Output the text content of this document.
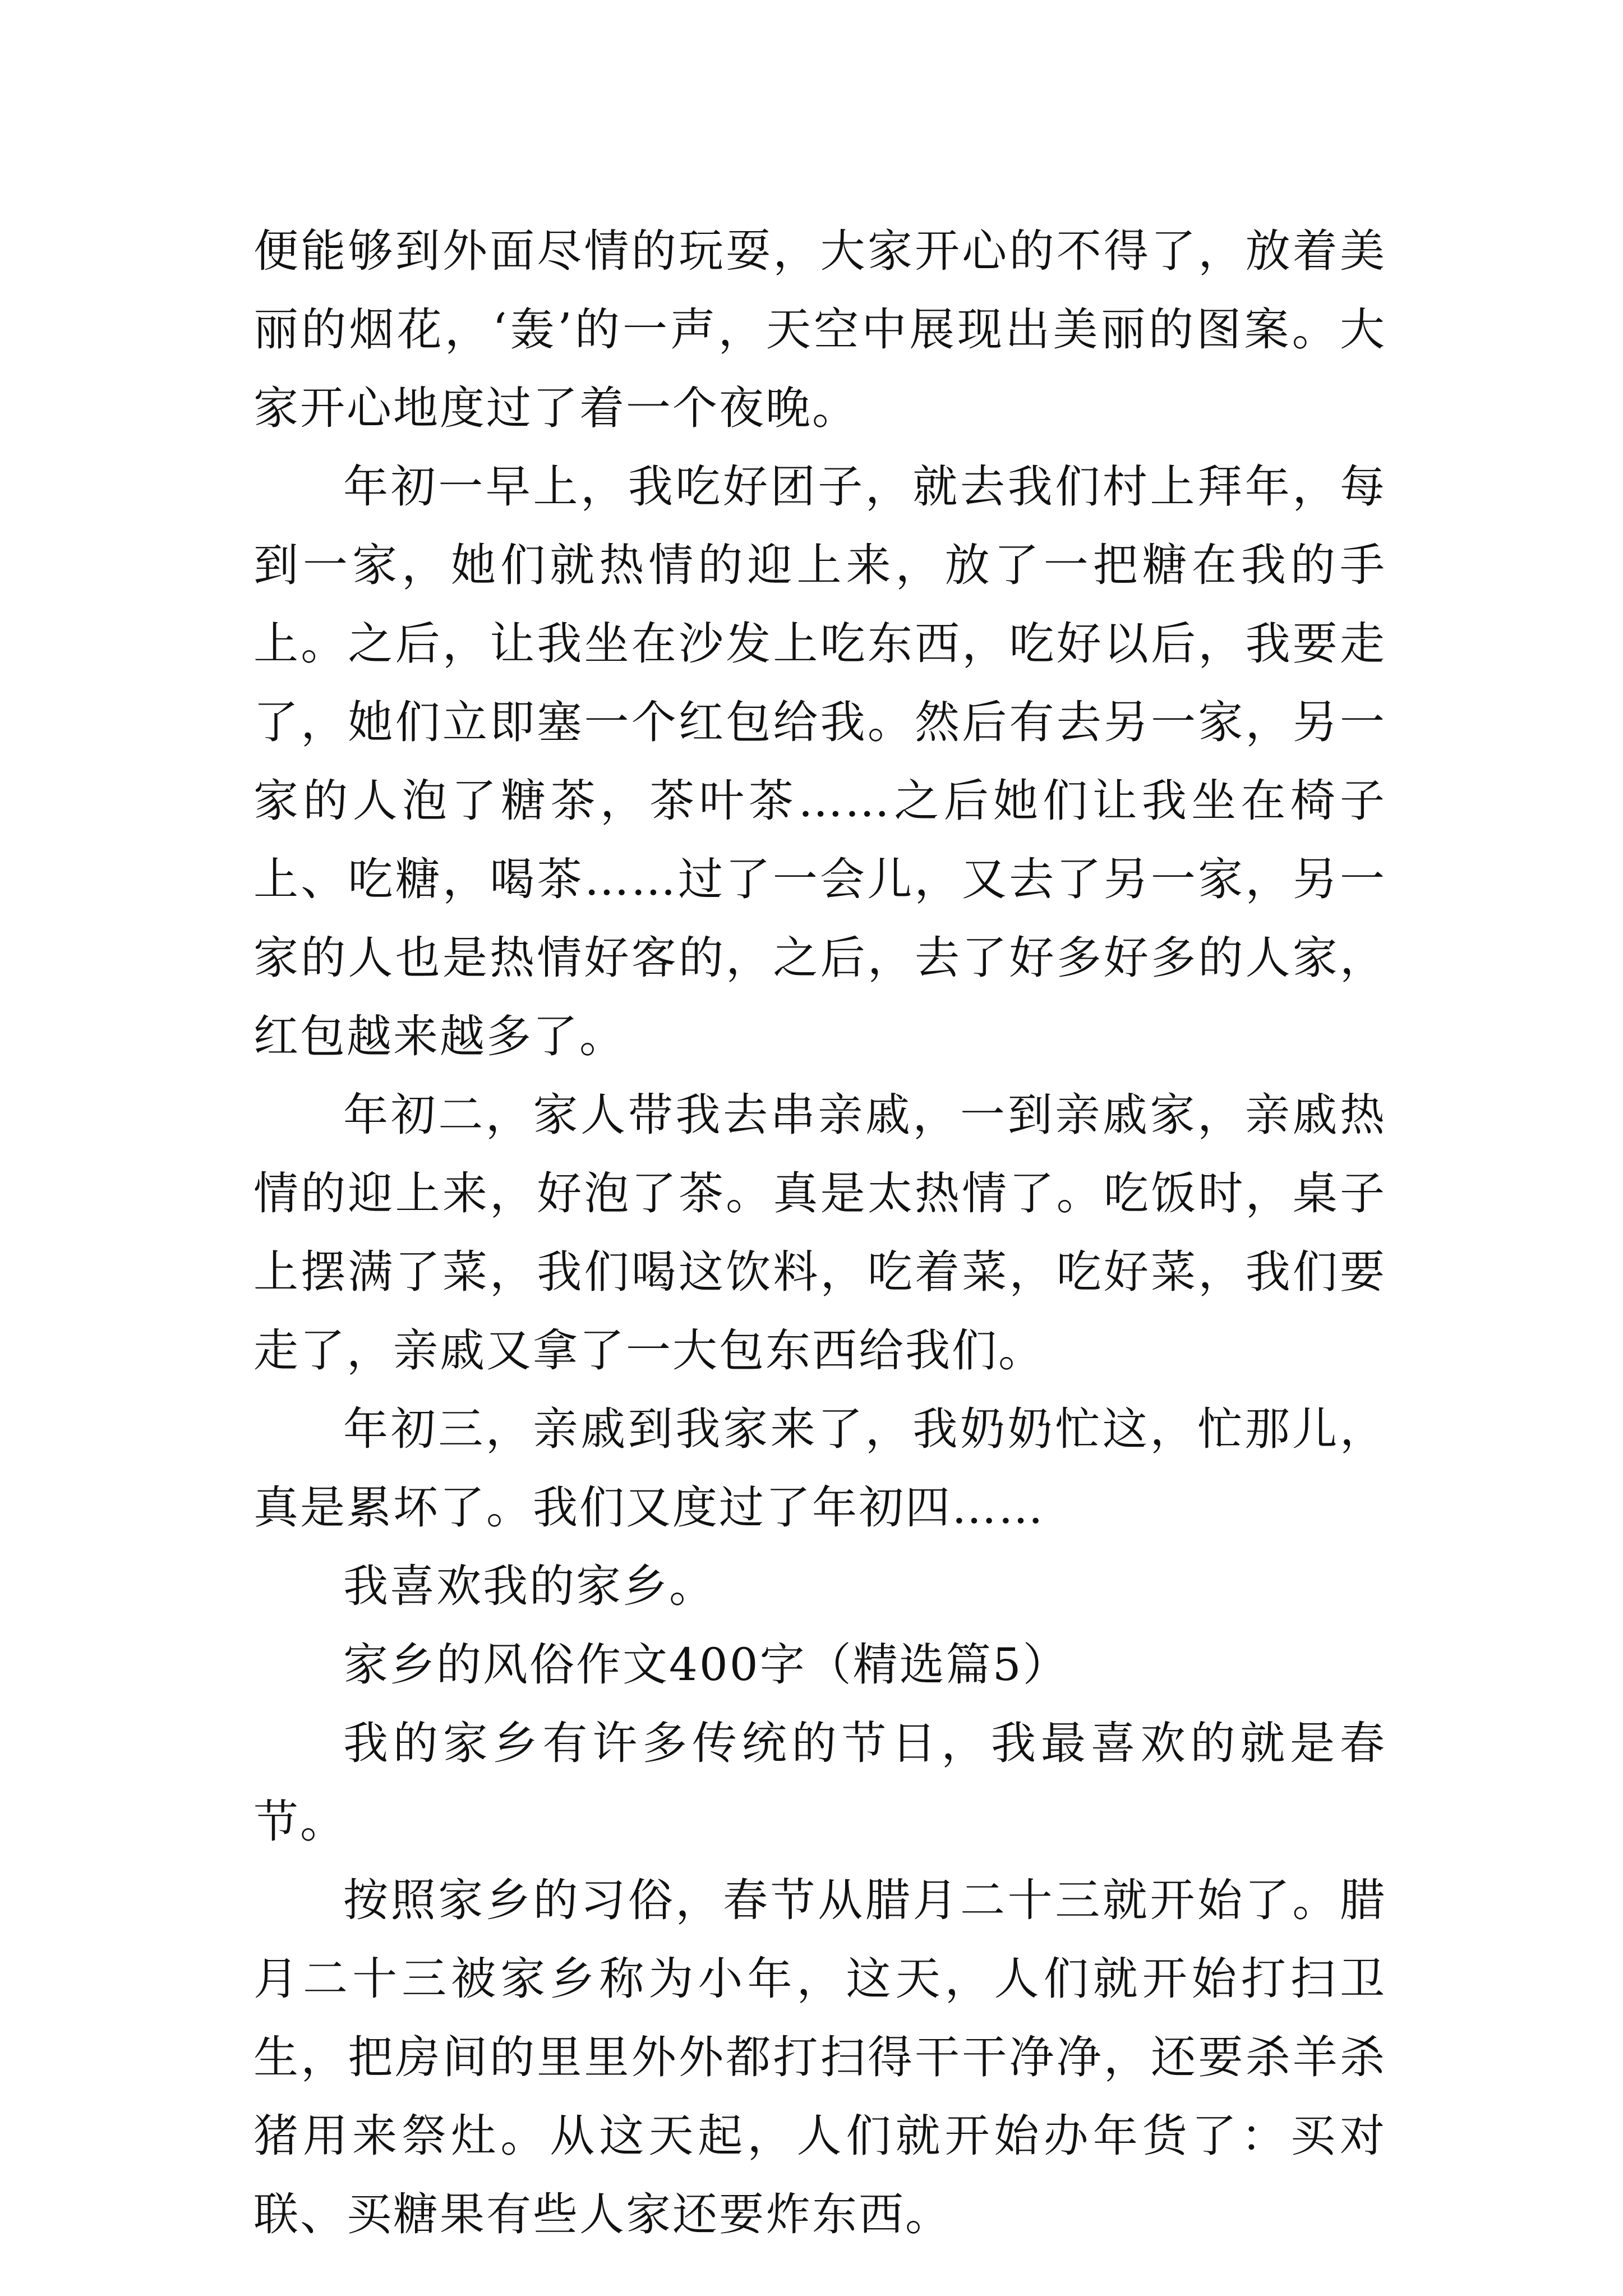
便能够到外面尽情的玩耍，大家开心的不得了，放着美丽的烟花，‘轰’的一声，天空中展现出美丽的图案。大家开心地度过了着一个夜晚。

年初一早上，我吃好团子，就去我们村上拜年，每到一家，她们就热情的迎上来，放了一把糖在我的手上。之后，让我坐在沙发上吃东西，吃好以后，我要走了，她们立即塞一个红包给我。然后有去另一家，另一家的人泡了糖茶，茶叶茶……之后她们让我坐在椅子上、吃糖，喝茶……过了一会儿，又去了另一家，另一家的人也是热情好客的，之后，去了好多好多的人家，红包越来越多了。

年初二，家人带我去串亲戚，一到亲戚家，亲戚热情的迎上来，好泡了茶。真是太热情了。吃饭时，桌子上摆满了菜，我们喝这饮料，吃着菜，吃好菜，我们要走了，亲戚又拿了一大包东西给我们。

年初三，亲戚到我家来了，我奶奶忙这，忙那儿，真是累坏了。我们又度过了年初四……

我喜欢我的家乡。

家乡的风俗作文400字（精选篇5）

我的家乡有许多传统的节日，我最喜欢的就是春节。

按照家乡的习俗，春节从腊月二十三就开始了。腊月二十三被家乡称为小年，这天，人们就开始打扫卫生，把房间的里里外外都打扫得干干净净，还要杀羊杀猪用来祭灶。从这天起，人们就开始办年货了：买对联、买糖果有些人家还要炸东西。
